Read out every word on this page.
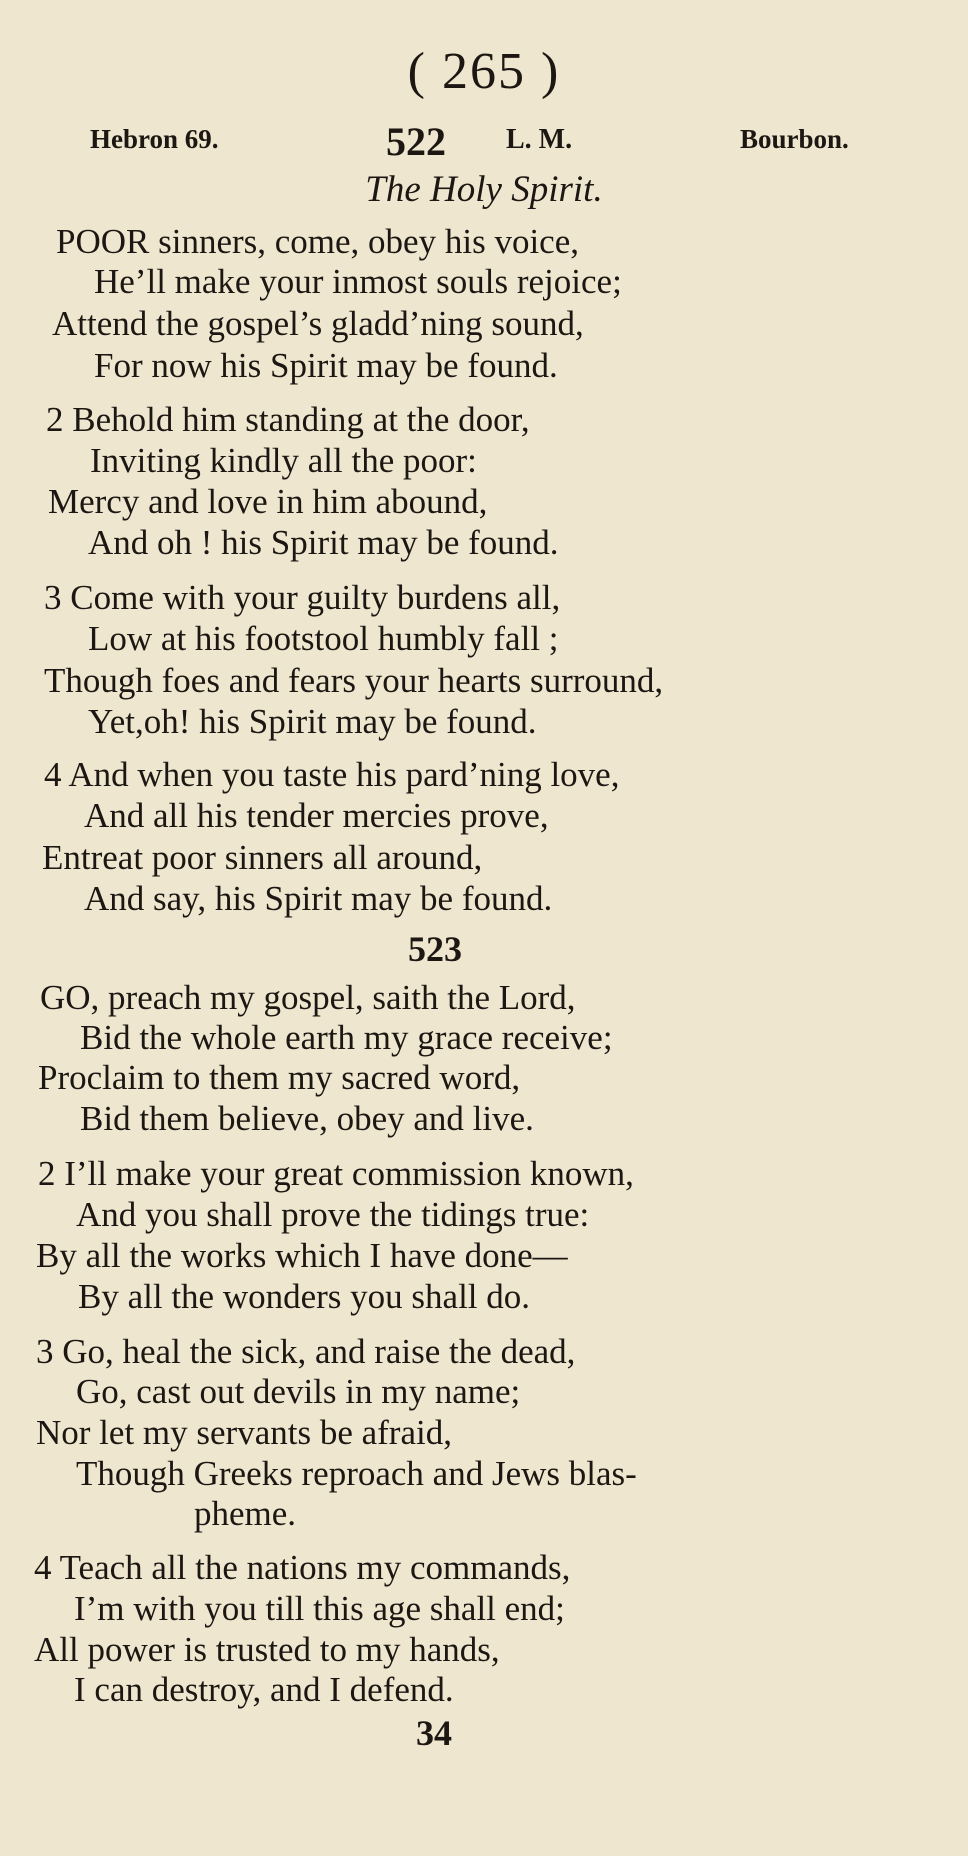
( 265 )
Hebron 69.	522 L. M.	Bourbon.
The Holy Spirit.
POOR sinners, come, obey his voice,
He’ll make your inmost souls rejoice;
Attend the gospel’s gladd’ning sound,
For now his Spirit may be found.
2 Behold him standing at the door,
Inviting kindly all the poor:
Mercy and love in him abound,
And oh ! his Spirit may be found.
3 Come with your guilty burdens all,
Low at his footstool humbly fall ;
Though foes and fears your hearts surround,
Yet,oh! his Spirit may be found.
4 And when you taste his pard’ning love,
And all his tender mercies prove,
Entreat poor sinners all around,
And say, his Spirit may be found.
523
GO, preach my gospel, saith the Lord,
Bid the whole earth my grace receive;
Proclaim to them my sacred word,
Bid them believe, obey and live.
2 I’ll make your great commission known,
And you shall prove the tidings true:
By all the works which I have done—
By all the wonders you shall do.
3 Go, heal the sick, and raise the dead,
Go, cast out devils in my name;
Nor let my servants be afraid,
Though Greeks reproach and Jews blas-
pheme.
4 Teach all the nations my commands,
I’m with you till this age shall end;
All power is trusted to my hands,
I can destroy, and I defend.
34
